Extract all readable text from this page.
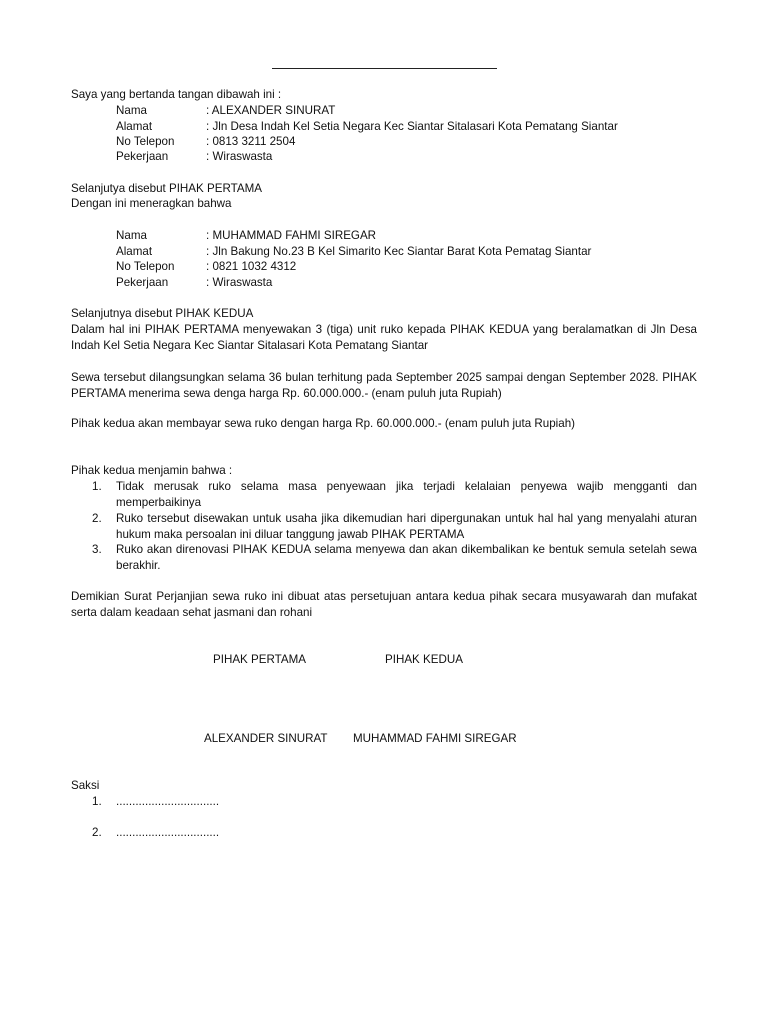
Saya yang bertanda tangan dibawah ini :

Nama	: ALEXANDER SINURAT
Alamat	: Jln Desa Indah Kel Setia Negara Kec Siantar Sitalasari Kota Pematang Siantar
No Telepon	: 0813 3211 2504
Pekerjaan	: Wiraswasta

Selanjutya disebut PIHAK PERTAMA

Dengan ini meneragkan bahwa

Nama	: MUHAMMAD FAHMI SIREGAR
Alamat	: Jln Bakung No.23 B Kel Simarito Kec Siantar Barat Kota Pematag Siantar
No Telepon	: 0821 1032 4312
Pekerjaan	: Wiraswasta

Selanjutnya disebut PIHAK KEDUA

Dalam hal ini PIHAK PERTAMA menyewakan 3 (tiga) unit ruko kepada PIHAK KEDUA yang beralamatkan di Jln Desa Indah Kel Setia Negara Kec Siantar Sitalasari Kota Pematang Siantar

Sewa tersebut dilangsungkan selama 36 bulan terhitung pada September 2025 sampai dengan September 2028. PIHAK PERTAMA menerima sewa denga harga Rp. 60.000.000.- (enam puluh juta Rupiah)

Pihak kedua akan membayar sewa ruko dengan harga Rp. 60.000.000.- (enam puluh juta Rupiah)

Pihak kedua menjamin bahwa :

1.	Tidak merusak ruko selama masa penyewaan jika terjadi kelalaian penyewa wajib mengganti dan memperbaikinya
2.	Ruko tersebut disewakan untuk usaha jika dikemudian hari dipergunakan untuk hal hal yang menyalahi aturan hukum maka persoalan ini diluar tanggung jawab PIHAK PERTAMA
3.	Ruko akan direnovasi PIHAK KEDUA selama menyewa dan akan dikembalikan ke bentuk semula setelah sewa berakhir.

Demikian Surat Perjanjian sewa ruko ini dibuat atas persetujuan antara kedua pihak secara musyawarah dan mufakat serta dalam keadaan sehat jasmani dan rohani

PIHAK PERTAMA	PIHAK KEDUA
ALEXANDER SINURAT MUHAMMAD FAHMI SIREGAR

Saksi

1.	................................
2.	................................
